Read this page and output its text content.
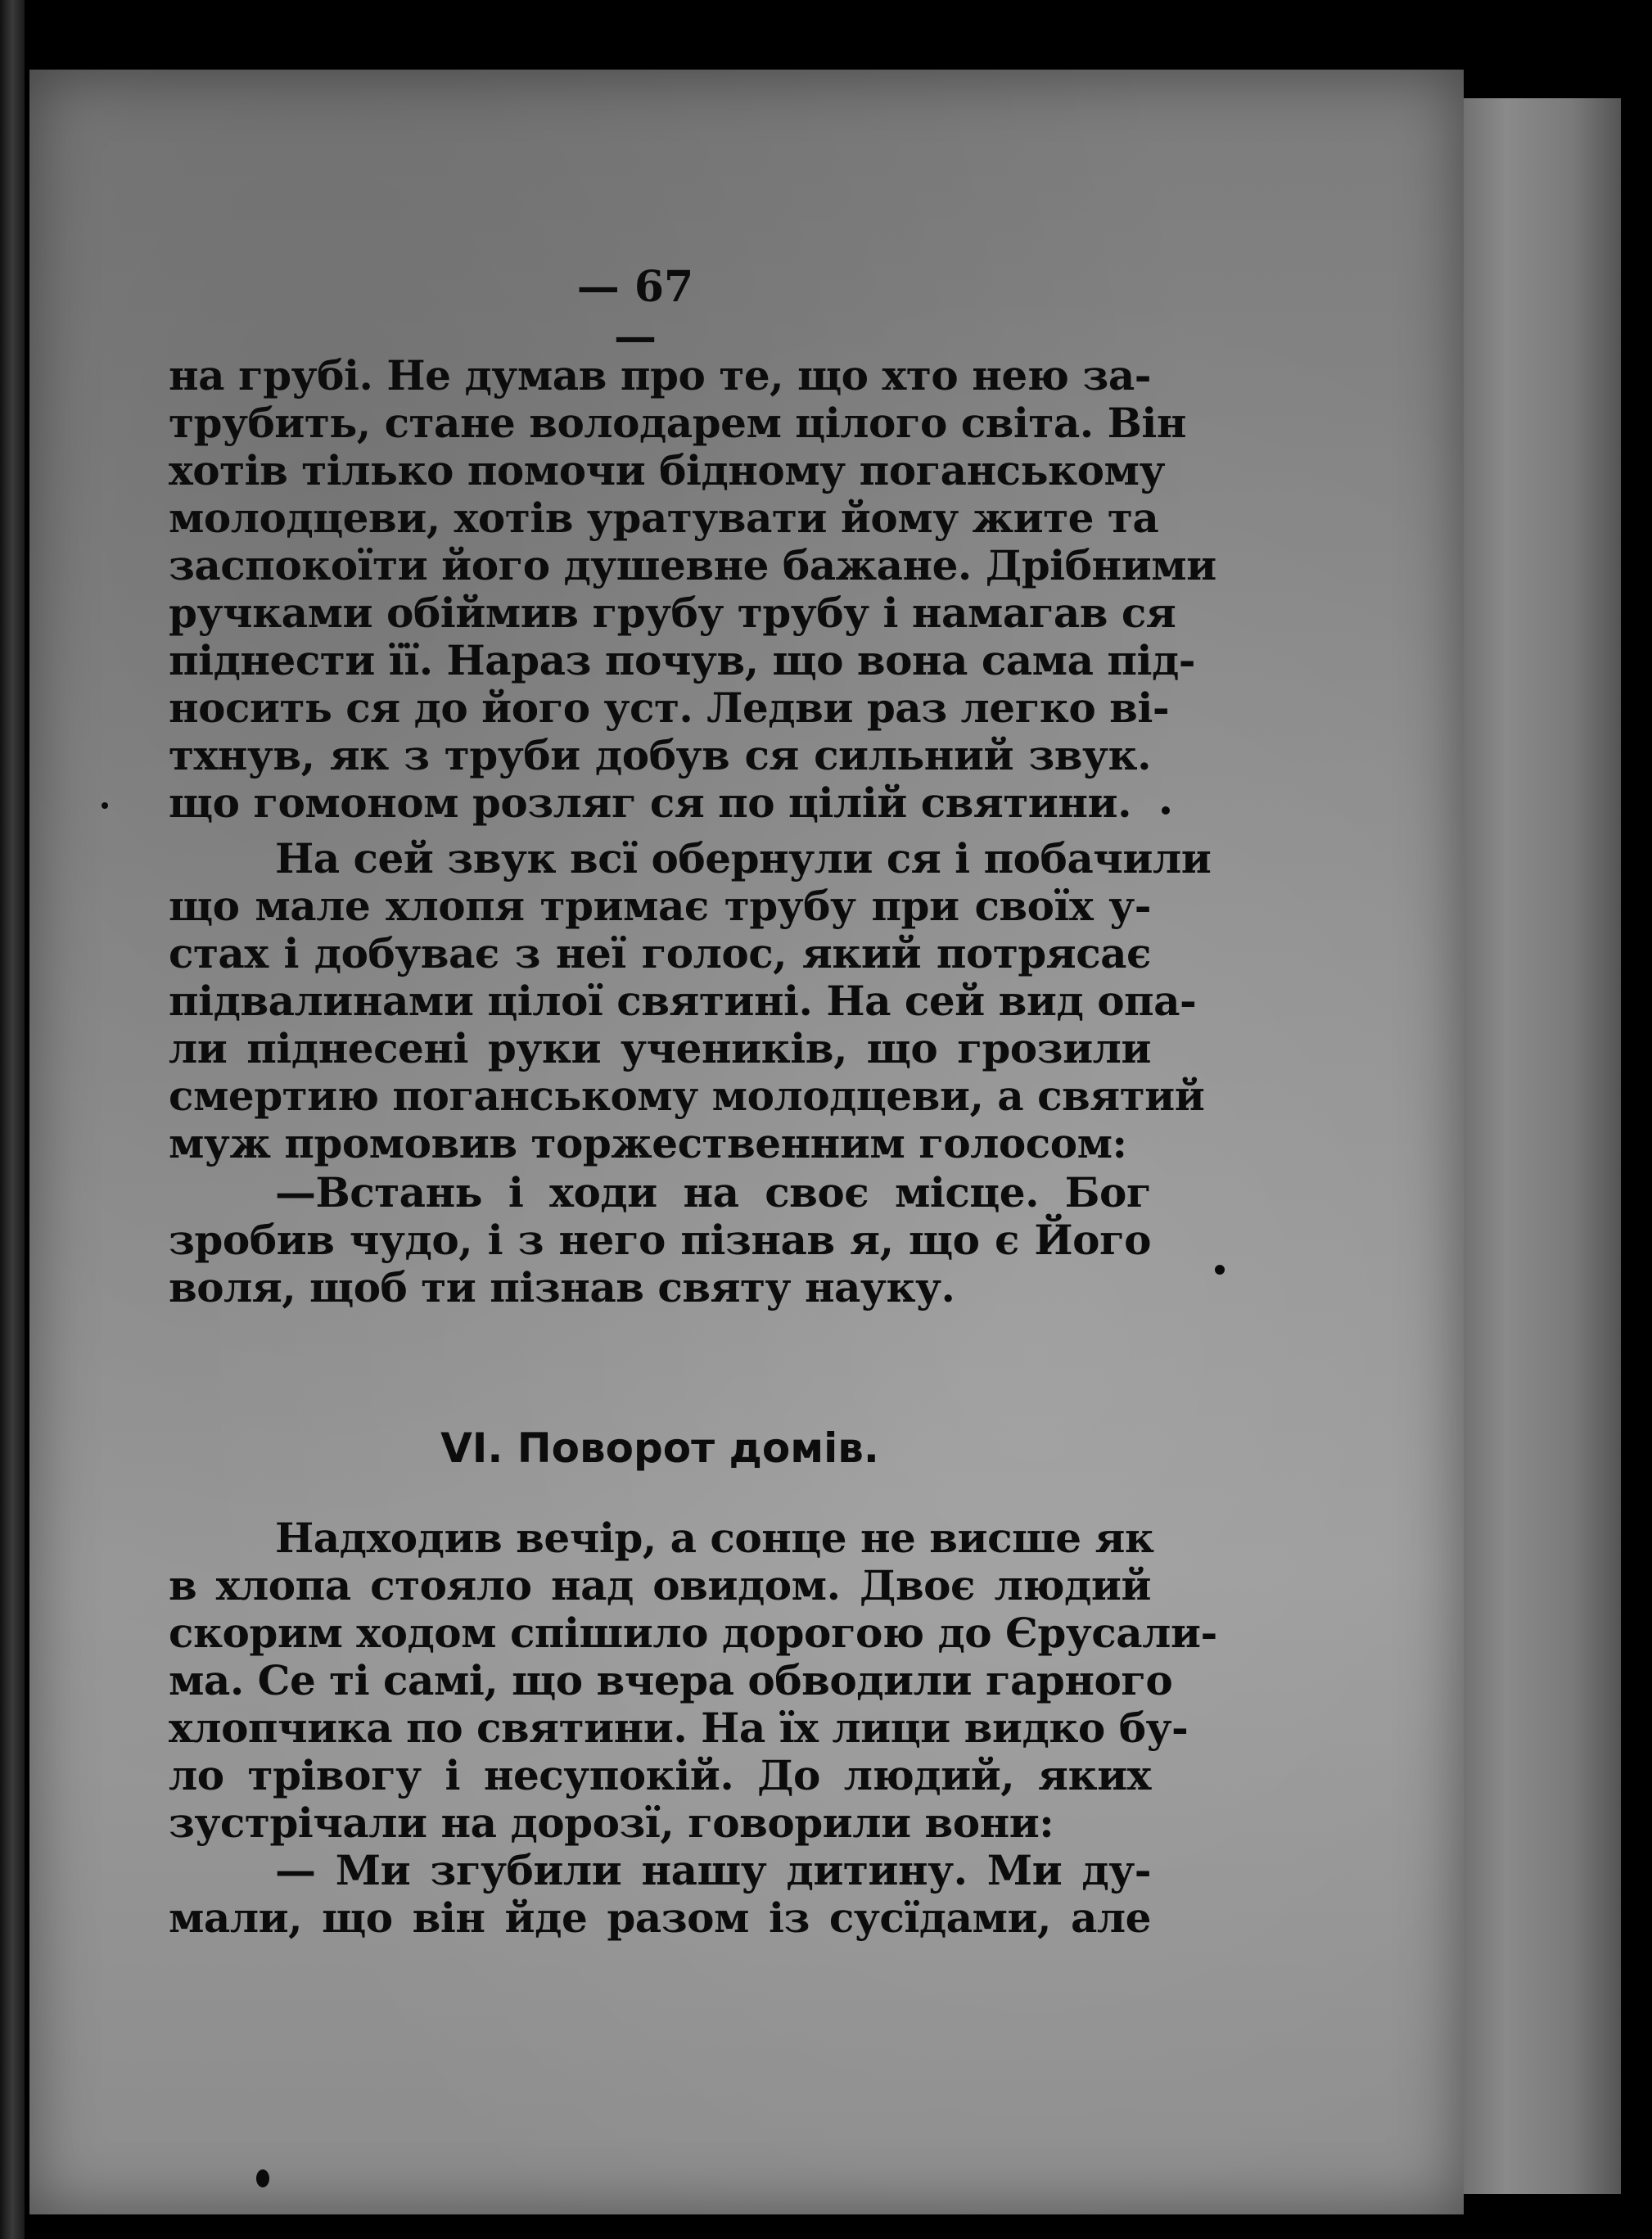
— 67 —
на грубі. Не думав про те, що хто нею за-
трубить, стане володарем цілого світа. Він
хотів тілько помочи бідному поганському
молодцеви, хотів уратувати йому жите та
заспокоїти його душевне бажане. Дрібними
ручками обіймив грубу трубу і намагав ся
піднести її. Нараз почув, що вона сама під-
носить ся до його уст. Ледви раз легко ві-
тхнув, як з труби добув ся сильний звук.
що гомоном розляг ся по цілій святини.
На сей звук всї обернули ся і побачили
що мале хлопя тримає трубу при своїх у-
стах і добуває з неї голос, який потрясає
підвалинами цілої святині. На сей вид опа-
ли піднесені руки учеників, що грозили
смертию поганському молодцеви, а святий
муж промовив торжественним голосом:
—Встань і ходи на своє місце. Бог
зробив чудо, і з него пізнав я, що є Його
воля, щоб ти пізнав святу науку.
VI. Поворот домів.
Надходив вечір, а сонце не висше як
в хлопа стояло над овидом. Двоє людий
скорим ходом спішило дорогою до Єрусали-
ма. Се ті самі, що вчера обводили гарного
хлопчика по святини. На їх лици видко бу-
ло трівогу і несупокій. До людий, яких
зустрічали на дорозї, говорили вони:
— Ми згубили нашу дитину. Ми ду-
мали, що він йде разом із сусїдами, але
